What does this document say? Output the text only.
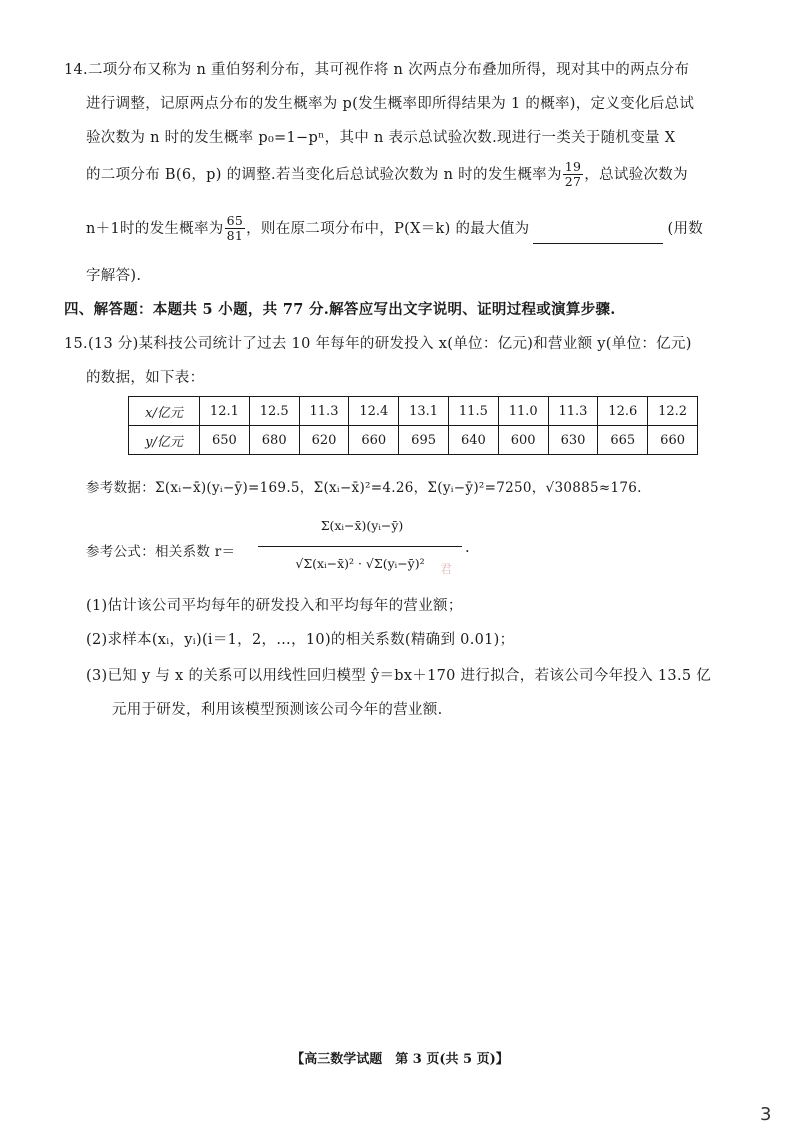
14.二项分布又称为 n 重伯努利分布，其可视作将 n 次两点分布叠加所得，现对其中的两点分布
进行调整，记原两点分布的发生概率为 p(发生概率即所得结果为 1 的概率)，定义变化后总试
验次数为 n 时的发生概率 p₀=1−pⁿ，其中 n 表示总试验次数.现进行一类关于随机变量 X
的二项分布 B(6，p) 的调整.若当变化后总试验次数为 n 时的发生概率为 $\frac{19}{27}$ ，总试验次数为
n＋1时的发生概率为 $\frac{65}{81}$ ，则在原二项分布中，P(X＝k) 的最大值为	(用数
字解答).
四、解答题：本题共 5 小题，共 77 分.解答应写出文字说明、证明过程或演算步骤.
15.(13 分)某科技公司统计了过去 10 年每年的研发投入 x(单位：亿元)和营业额 y(单位：亿元)
的数据，如下表：
x/亿元	12.1	12.5	11.3	12.4	13.1	11.5	11.0	11.3	12.6	12.2
y/亿元	650	680	620	660	695	640	600	630	665	660
参考数据：Σ(xᵢ−x̄)(yᵢ−ȳ)=169.5，Σ(xᵢ−x̄)²=4.26，Σ(yᵢ−ȳ)²=7250，√30885≈176.
参考公式：相关系数 r＝
Σ(xᵢ−x̄)(yᵢ−ȳ)
√Σ(xᵢ−x̄)² · √Σ(yᵢ−ȳ)²
.
君
(1)估计该公司平均每年的研发投入和平均每年的营业额；
(2)求样本(xᵢ，yᵢ)(i＝1，2，…，10)的相关系数(精确到 0.01)；
(3)已知 y 与 x 的关系可以用线性回归模型 ŷ＝bx＋170 进行拟合，若该公司今年投入 13.5 亿
元用于研发，利用该模型预测该公司今年的营业额.
【高三数学试题　第 3 页(共 5 页)】
3
